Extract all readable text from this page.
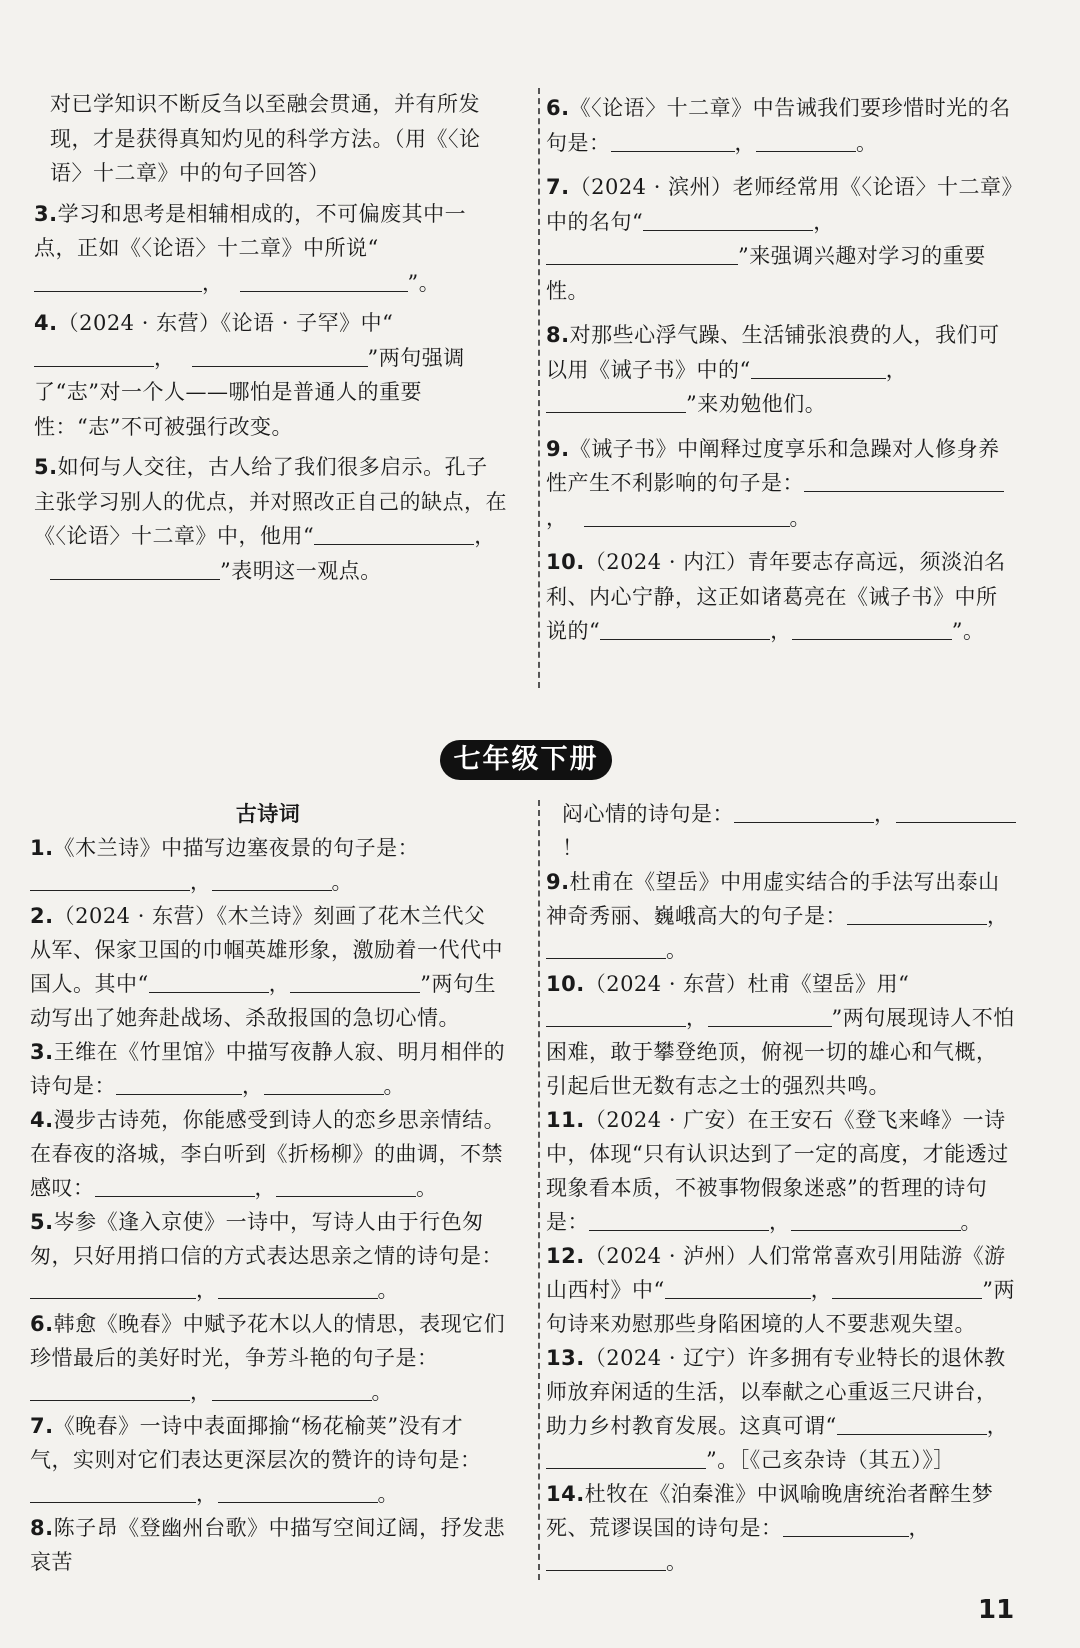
对已学知识不断反刍以至融会贯通，并有所发现，才是获得真知灼见的科学方法。（用《〈论语〉十二章》中的句子回答）
3.学习和思考是相辅相成的，不可偏废其中一点，正如《〈论语〉十二章》中所说“，	”。
4.（2024 · 东营）《论语 · 子罕》中“，	”两句强调了“志”对一个人——哪怕是普通人的重要性：“志”不可被强行改变。
5.如何与人交往，古人给了我们很多启示。孔子主张学习别人的优点，并对照改正自己的缺点，在《〈论语〉十二章》中，他用“	，”表明这一观点。
6.《〈论语〉十二章》中告诫我们要珍惜时光的名句是：	，	。
7.（2024 · 滨州）老师经常用《〈论语〉十二章》中的名句“	，”来强调兴趣对学习的重要性。
8.对那些心浮气躁、生活铺张浪费的人，我们可以用《诫子书》中的“	，”来劝勉他们。
9.《诫子书》中阐释过度享乐和急躁对人修身养性产生不利影响的句子是：，	。
10.（2024 · 内江）青年要志存高远，须淡泊名利、内心宁静，这正如诸葛亮在《诫子书》中所说的“	，	”。
七年级下册

古诗词

1.《木兰诗》中描写边塞夜景的句子是：，	。
2.（2024 · 东营）《木兰诗》刻画了花木兰代父从军、保家卫国的巾帼英雄形象，激励着一代代中国人。其中“	，	”两句生动写出了她奔赴战场、杀敌报国的急切心情。
3.王维在《竹里馆》中描写夜静人寂、明月相伴的诗句是：	，	。
4.漫步古诗苑，你能感受到诗人的恋乡思亲情结。在春夜的洛城，李白听到《折杨柳》的曲调，不禁感叹：	，	。
5.岑参《逢入京使》一诗中，写诗人由于行色匆匆，只好用捎口信的方式表达思亲之情的诗句是：，	。
6.韩愈《晚春》中赋予花木以人的情思，表现它们珍惜最后的美好时光，争芳斗艳的句子是：，	。
7.《晚春》一诗中表面揶揄“杨花榆荚”没有才气，实则对它们表达更深层次的赞许的诗句是：，	。
8.陈子昂《登幽州台歌》中描写空间辽阔，抒发悲哀苦
闷心情的诗句是：	，！
9.杜甫在《望岳》中用虚实结合的手法写出泰山神奇秀丽、巍峨高大的句子是：	，。
10.（2024 · 东营）杜甫《望岳》用“，	”两句展现诗人不怕困难，敢于攀登绝顶，俯视一切的雄心和气概，引起后世无数有志之士的强烈共鸣。
11.（2024 · 广安）在王安石《登飞来峰》一诗中，体现“只有认识达到了一定的高度，才能透过现象看本质，不被事物假象迷惑”的哲理的诗句是：	，	。
12.（2024 · 泸州）人们常常喜欢引用陆游《游山西村》中“	，	”两句诗来劝慰那些身陷困境的人不要悲观失望。
13.（2024 · 辽宁）许多拥有专业特长的退休教师放弃闲适的生活，以奉献之心重返三尺讲台，助力乡村教育发展。这真可谓“	，”。［《己亥杂诗（其五）》］
14.杜牧在《泊秦淮》中讽喻晚唐统治者醉生梦死、荒谬误国的诗句是：	，。
11
